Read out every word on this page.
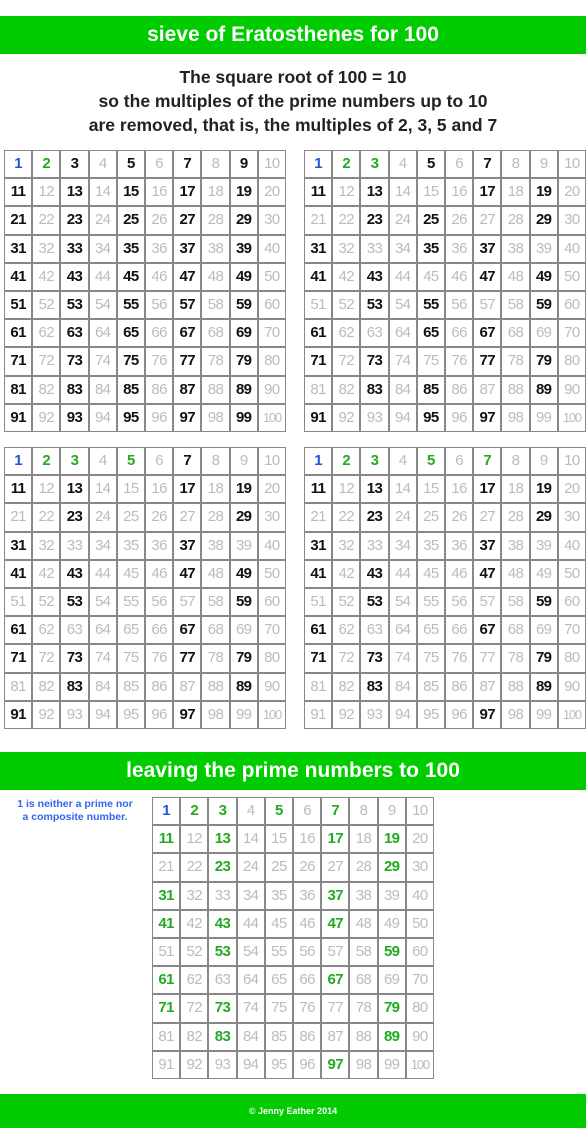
sieve of Eratosthenes for 100
The square root of 100 = 10
so the multiples of the prime numbers up to 10
are removed, that is, the multiples of 2, 3, 5 and 7
1	2	3	4	5	6	7	8	9	10
11 12 13 14 15 16 17 18 19 20
21 22 23 24 25 26 27 28 29 30
31 32 33 34 35 36 37 38 39 40
41 42 43 44 45 46 47 48 49 50
51 52 53 54 55 56 57 58 59 60
61 62 63 64 65 66 67 68 69 70
71 72 73 74 75 76 77 78 79 80
81 82 83 84 85 86 87 88 89 90
91 92 93 94 95 96 97 98 99 100
1	2	3	4	5	6	7	8	9	10
11 12 13 14 15 16 17 18 19 20
21 22 23 24 25 26 27 28 29 30
31 32 33 34 35 36 37 38 39 40
41 42 43 44 45 46 47 48 49 50
51 52 53 54 55 56 57 58 59 60
61 62 63 64 65 66 67 68 69 70
71 72 73 74 75 76 77 78 79 80
81 82 83 84 85 86 87 88 89 90
91 92 93 94 95 96 97 98 99 100
1	2	3	4	5	6	7	8	9	10
11 12 13 14 15 16 17 18 19 20
21 22 23 24 25 26 27 28 29 30
31 32 33 34 35 36 37 38 39 40
41 42 43 44 45 46 47 48 49 50
51 52 53 54 55 56 57 58 59 60
61 62 63 64 65 66 67 68 69 70
71 72 73 74 75 76 77 78 79 80
81 82 83 84 85 86 87 88 89 90
91 92 93 94 95 96 97 98 99 100
1	2	3	4	5	6	7	8	9	10
11 12 13 14 15 16 17 18 19 20
21 22 23 24 25 26 27 28 29 30
31 32 33 34 35 36 37 38 39 40
41 42 43 44 45 46 47 48 49 50
51 52 53 54 55 56 57 58 59 60
61 62 63 64 65 66 67 68 69 70
71 72 73 74 75 76 77 78 79 80
81 82 83 84 85 86 87 88 89 90
91 92 93 94 95 96 97 98 99 100
leaving the prime numbers to 100
1 is neither a prime nor
a composite number.	1	2	3	4	5	6	7	8	9	10
11 12 13 14 15 16 17 18 19 20
21 22 23 24 25 26 27 28 29 30
31 32 33 34 35 36 37 38 39 40
41 42 43 44 45 46 47 48 49 50
51 52 53 54 55 56 57 58 59 60
61 62 63 64 65 66 67 68 69 70
71 72 73 74 75 76 77 78 79 80
81 82 83 84 85 86 87 88 89 90
91 92 93 94 95 96 97 98 99 100
© Jenny Eather 2014
